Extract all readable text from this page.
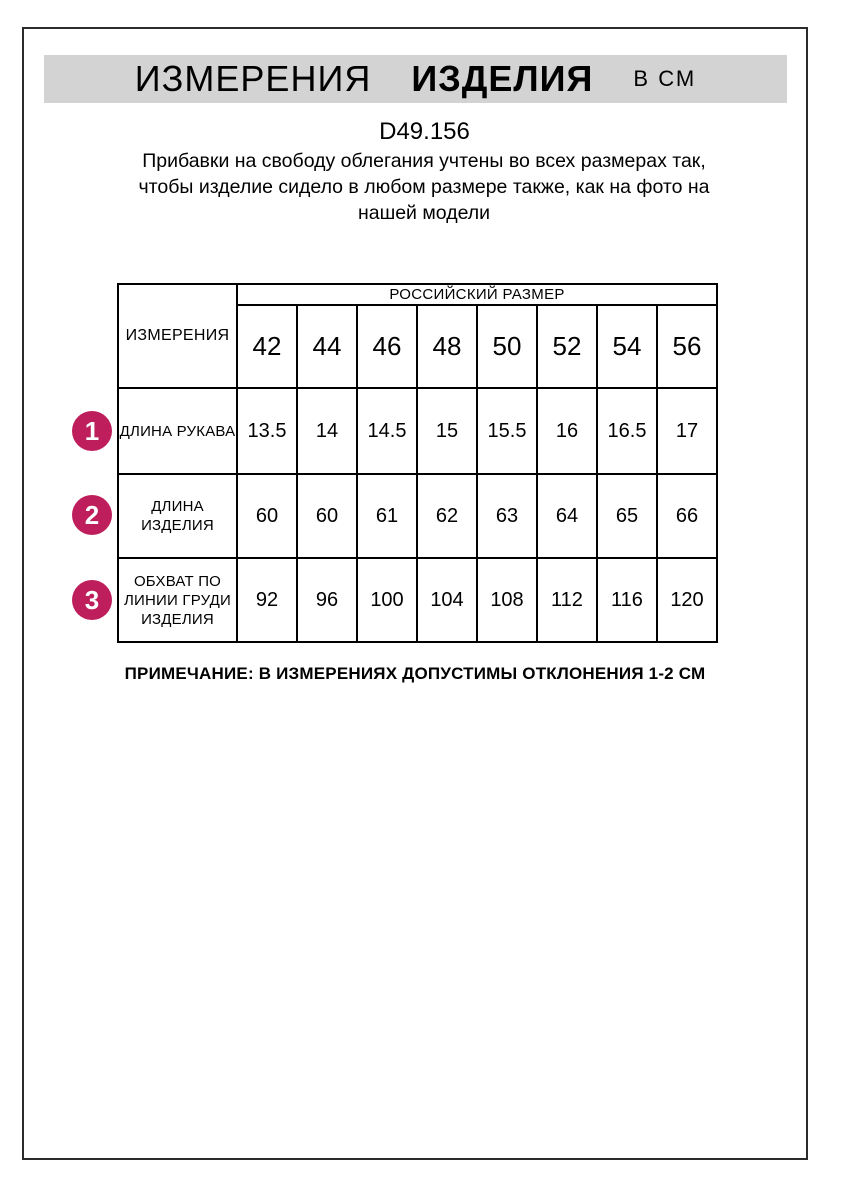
ИЗМЕРЕНИЯ ИЗДЕЛИЯ В СМ
D49.156
Прибавки на свободу облегания учтены во всех размерах так, чтобы изделие сидело в любом размере также, как на фото на нашей модели
ИЗМЕРЕНИЯ	РОССИЙСКИЙ РАЗМЕР							
	42	44	46	48	50	52	54	56

ДЛИНА РУКАВА	13.5	14	14.5	15	15.5	16	16.5	17

ДЛИНА
ИЗДЕЛИЯ	60	60	61	62	63	64	65	66

ОБХВАТ ПО
ЛИНИИ ГРУДИ
ИЗДЕЛИЯ	92	96	100	104	108	112	116	120
1
2
3
ПРИМЕЧАНИЕ: В ИЗМЕРЕНИЯХ ДОПУСТИМЫ ОТКЛОНЕНИЯ 1-2 СМ
